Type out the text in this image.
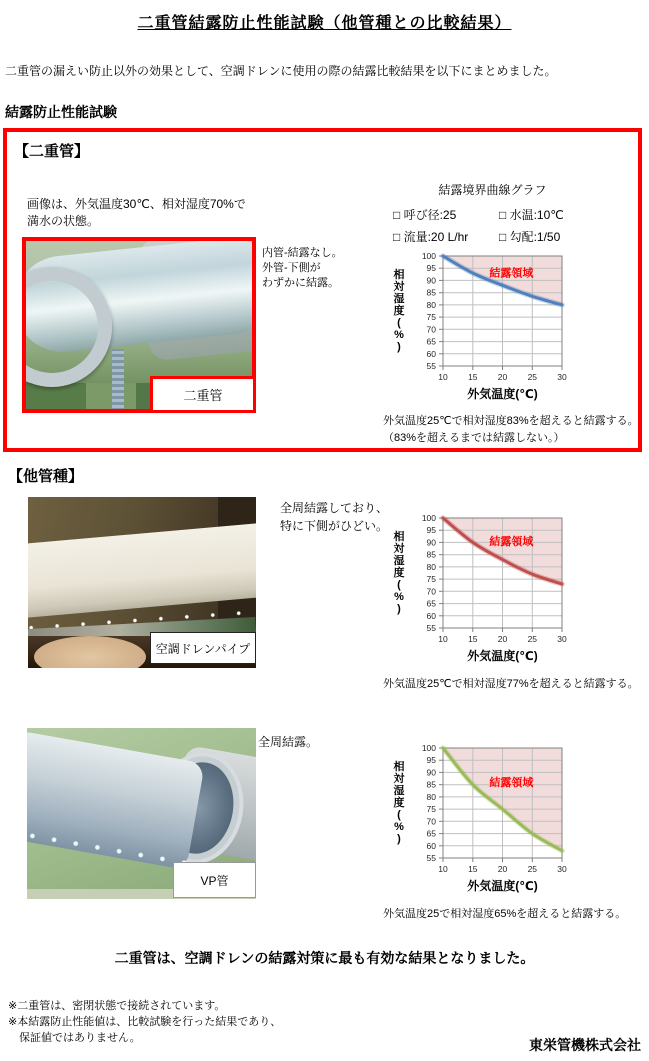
二重管結露防止性能試験（他管種との比較結果）
二重管の漏えい防止以外の効果として、空調ドレンに使用の際の結露比較結果を以下にまとめました。
結露防止性能試験
【二重管】
画像は、外気温度30℃、相対湿度70%で
満水の状態。
二重管
内管-結露なし。
外管-下側が
わずかに結露。
結露境界曲線グラフ
□ 呼び径:25	□ 水温:10℃
□ 流量:20 L/hr	□ 勾配:1/50
100
95
90
85
80
75
70
65
60
55
10 15 20 25 30
結露領域
相
対
湿
度
(
%
)
外気温度(℃)
外気温度25℃で相対湿度83%を超えると結露する。
（83%を超えるまでは結露しない。）
【他管種】
空調ドレンパイプ
全周結露しており、
特に下側がひどい。
100
95
90
85
80
75
70
65
60
55
10 15 20 25 30
結露領域
相
対
湿
度
(
%
)
外気温度(℃)
外気温度25℃で相対湿度77%を超えると結露する。
VP管
全周結露。	100
95
90
85
80
75
70
65
60
55
10 15 20 25 30
結露領域
相
対
湿
度
(
%
)
外気温度(℃)
外気温度25で相対湿度65%を超えると結露する。
二重管は、空調ドレンの結露対策に最も有効な結果となりました。
※二重管は、密閉状態で接続されています。
※本結露防止性能値は、比較試験を行った結果であり、
　保証値ではありません。	東栄管機株式会社
